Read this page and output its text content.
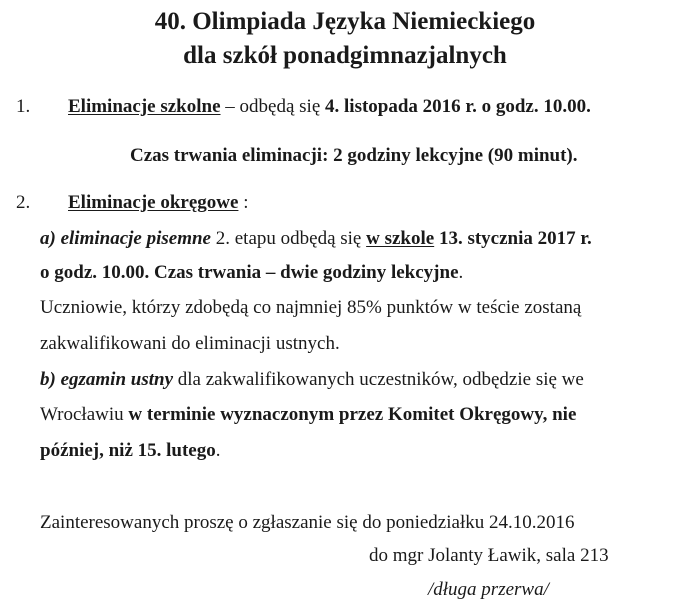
40. Olimpiada Języka Niemieckiego
dla szkół ponadgimnazjalnych
1. Eliminacje szkolne – odbędą się 4. listopada 2016 r. o godz. 10.00.
Czas trwania eliminacji: 2 godziny lekcyjne (90 minut).
2. Eliminacje okręgowe :
a) eliminacje pisemne 2. etapu odbędą się w szkole 13. stycznia 2017 r.
o godz. 10.00. Czas trwania – dwie godziny lekcyjne.
Uczniowie, którzy zdobędą co najmniej 85% punktów w teście zostaną
zakwalifikowani do eliminacji ustnych.
b) egzamin ustny dla zakwalifikowanych uczestników, odbędzie się we
Wrocławiu w terminie wyznaczonym przez Komitet Okręgowy, nie
później, niż 15. lutego.
Zainteresowanych proszę o zgłaszanie się do poniedziałku 24.10.2016
do mgr Jolanty Ławik, sala 213
/długa przerwa/
